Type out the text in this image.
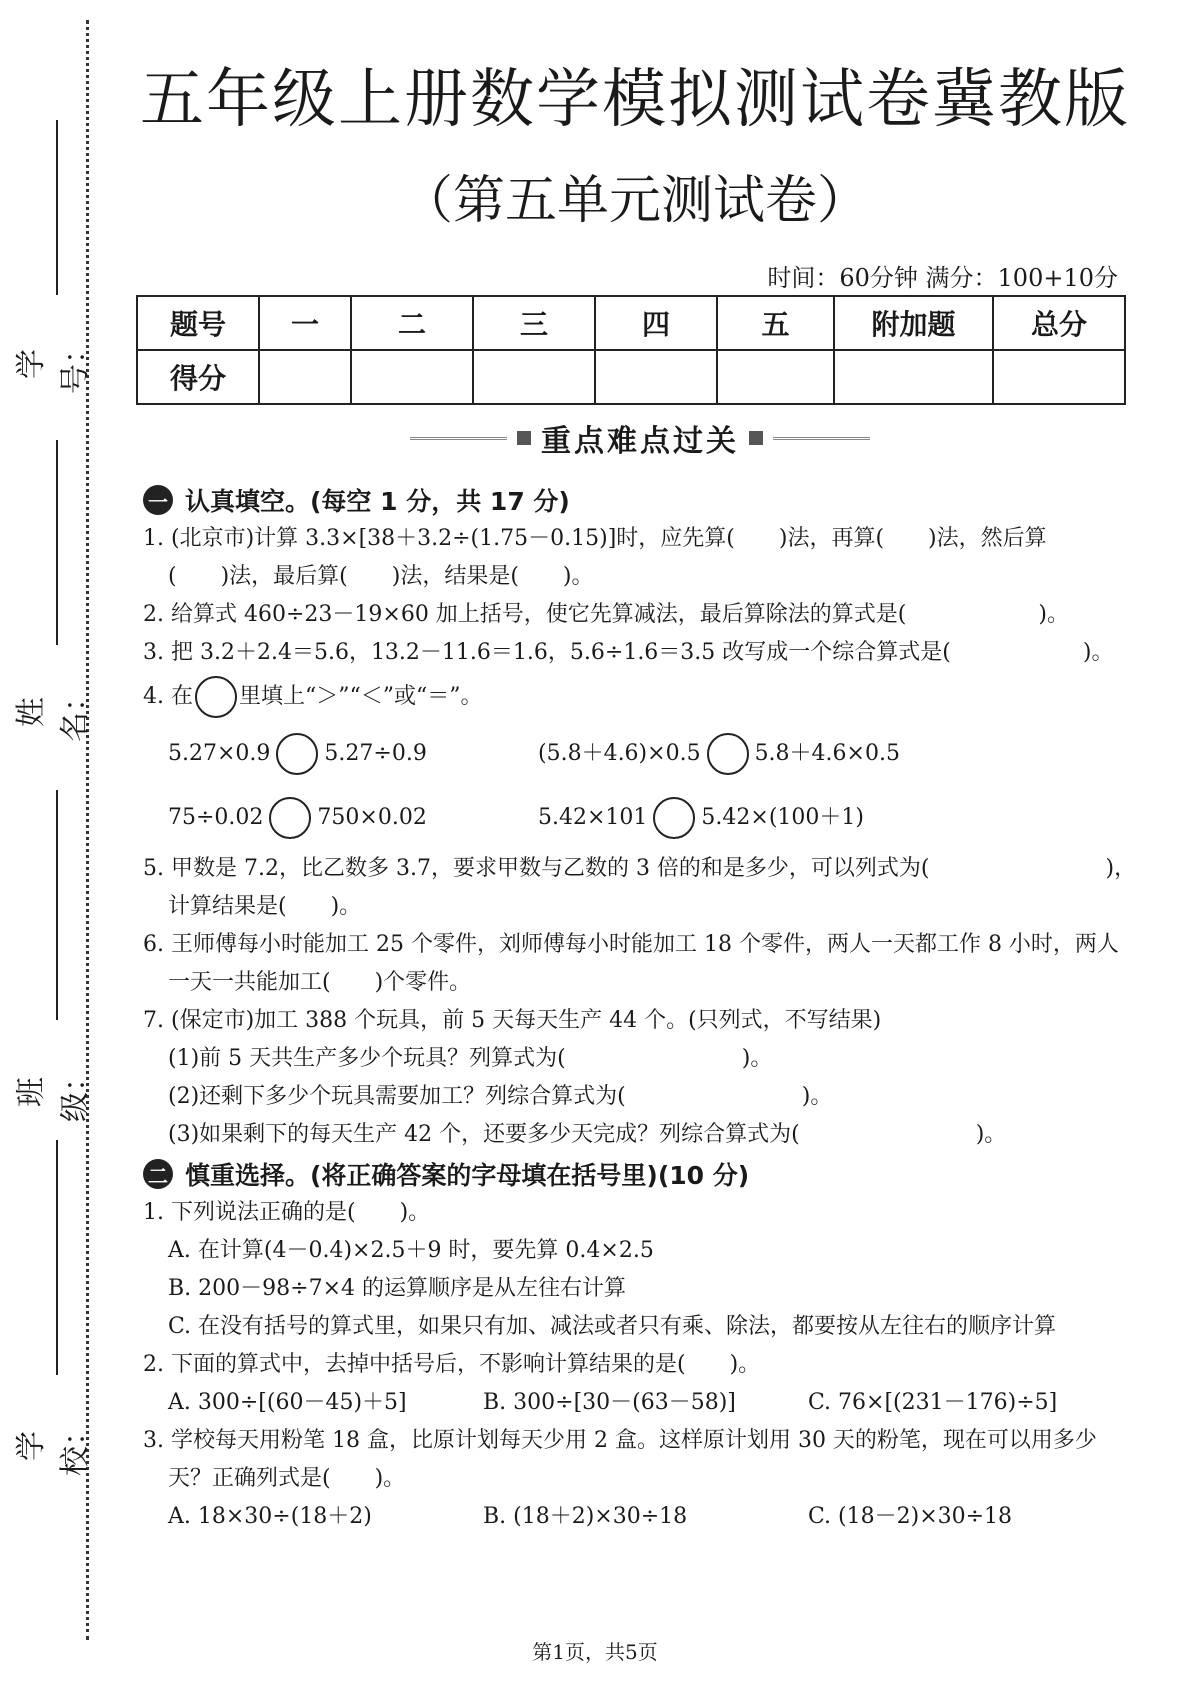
学号：
姓名：
班级：
学校：
五年级上册数学模拟测试卷冀教版
（第五单元测试卷）
时间：60分钟 满分：100+10分
题号	一	二	三	四	五	附加题	总分
得分							
重点难点过关
一 认真填空。(每空 1 分，共 17 分)
1. (北京市)计算 3.3×[38＋3.2÷(1.75－0.15)]时，应先算(　　)法，再算(　　)法，然后算
(　　)法，最后算(　　)法，结果是(　　)。
2. 给算式 460÷23－19×60 加上括号，使它先算减法，最后算除法的算式是(　　　　　　)。
3. 把 3.2＋2.4＝5.6，13.2－11.6＝1.6，5.6÷1.6＝3.5 改写成一个综合算式是(　　　　　　)。
4. 在 里填上“＞”“＜”或“＝”。
5.27×0.9 5.27÷0.9	(5.8＋4.6)×0.5 5.8＋4.6×0.5
75÷0.02 750×0.02	5.42×101 5.42×(100＋1)
5. 甲数是 7.2，比乙数多 3.7，要求甲数与乙数的 3 倍的和是多少，可以列式为(　　　　　　　　)，
计算结果是(　　)。
6. 王师傅每小时能加工 25 个零件，刘师傅每小时能加工 18 个零件，两人一天都工作 8 小时，两人
一天一共能加工(　　)个零件。
7. (保定市)加工 388 个玩具，前 5 天每天生产 44 个。(只列式，不写结果)
(1)前 5 天共生产多少个玩具？列算式为(　　　　　　　　)。
(2)还剩下多少个玩具需要加工？列综合算式为(　　　　　　　　)。
(3)如果剩下的每天生产 42 个，还要多少天完成？列综合算式为(　　　　　　　　)。
二 慎重选择。(将正确答案的字母填在括号里)(10 分)
1. 下列说法正确的是(　　)。
A. 在计算(4－0.4)×2.5＋9 时，要先算 0.4×2.5
B. 200－98÷7×4 的运算顺序是从左往右计算
C. 在没有括号的算式里，如果只有加、减法或者只有乘、除法，都要按从左往右的顺序计算
2. 下面的算式中，去掉中括号后，不影响计算结果的是(　　)。
A. 300÷[(60－45)＋5]	B. 300÷[30－(63－58)]	C. 76×[(231－176)÷5]
3. 学校每天用粉笔 18 盒，比原计划每天少用 2 盒。这样原计划用 30 天的粉笔，现在可以用多少
天？正确列式是(　　)。
A. 18×30÷(18＋2)	B. (18＋2)×30÷18	C. (18－2)×30÷18
第1页，共5页
